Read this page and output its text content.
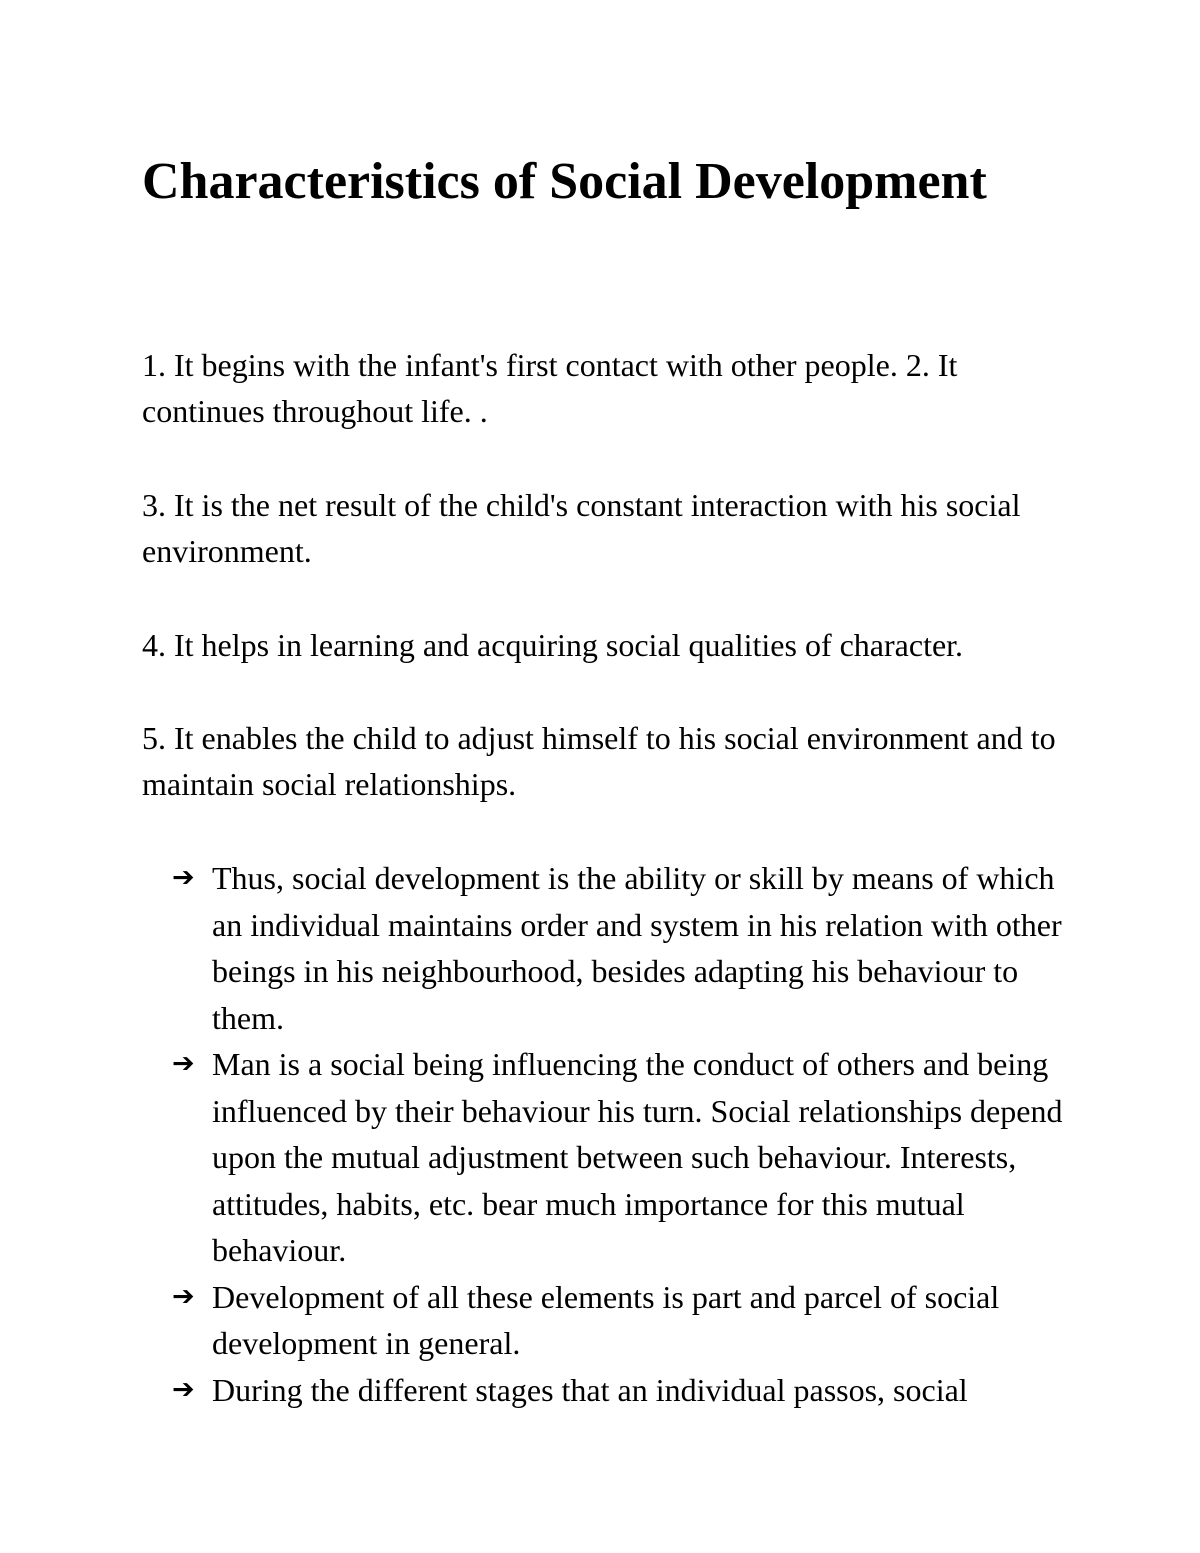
Characteristics of Social Development

1. It begins with the infant's first contact with other people. 2. It continues throughout life. .

3. It is the net result of the child's constant interaction with his social environment.

4. It helps in learning and acquiring social qualities of character.

5. It enables the child to adjust himself to his social environment and to maintain social relationships.

➔ Thus, social development is the ability or skill by means of which an individual maintains order and system in his relation with other beings in his neighbourhood, besides adapting his behaviour to them.
➔ Man is a social being influencing the conduct of others and being influenced by their behaviour his turn. Social relationships depend upon the mutual adjustment between such behaviour. Interests, attitudes, habits, etc. bear much importance for this mutual behaviour.
➔ Development of all these elements is part and parcel of social development in general.
➔ During the different stages that an individual passos, social
